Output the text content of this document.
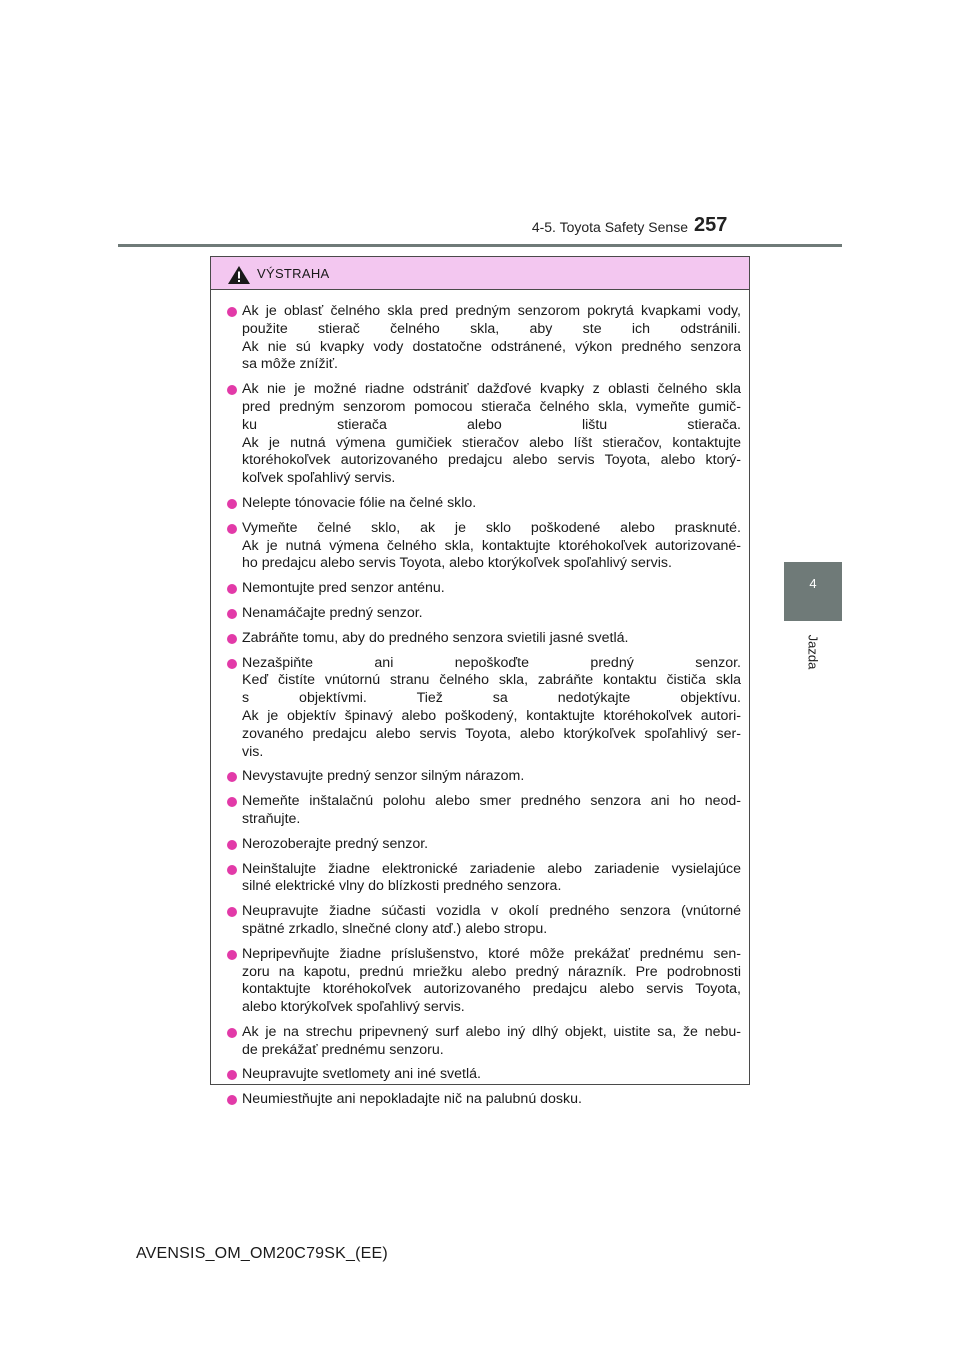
4-5. Toyota Safety Sense 257
4
Jazda
VÝSTRAHA
Ak je oblasť čelného skla pred predným senzorom pokrytá kvapkami vody,
použite stierač čelného skla, aby ste ich odstránili.
Ak nie sú kvapky vody dostatočne odstránené, výkon predného senzora
sa môže znížiť.
Ak nie je možné riadne odstrániť dažďové kvapky z oblasti čelného skla
pred predným senzorom pomocou stierača čelného skla, vymeňte gumič-
ku stierača alebo lištu stierača.
Ak je nutná výmena gumičiek stieračov alebo líšt stieračov, kontaktujte
ktoréhokoľvek autorizovaného predajcu alebo servis Toyota, alebo ktorý-
koľvek spoľahlivý servis.
Nelepte tónovacie fólie na čelné sklo.
Vymeňte čelné sklo, ak je sklo poškodené alebo prasknuté.
Ak je nutná výmena čelného skla, kontaktujte ktoréhokoľvek autorizované-
ho predajcu alebo servis Toyota, alebo ktorýkoľvek spoľahlivý servis.
Nemontujte pred senzor anténu.
Nenamáčajte predný senzor.
Zabráňte tomu, aby do predného senzora svietili jasné svetlá.
Nezašpiňte ani nepoškoďte predný senzor.
Keď čistíte vnútornú stranu čelného skla, zabráňte kontaktu čističa skla
s objektívmi. Tiež sa nedotýkajte objektívu.
Ak je objektív špinavý alebo poškodený, kontaktujte ktoréhokoľvek autori-
zovaného predajcu alebo servis Toyota, alebo ktorýkoľvek spoľahlivý ser-
vis.
Nevystavujte predný senzor silným nárazom.
Nemeňte inštalačnú polohu alebo smer predného senzora ani ho neod-
straňujte.
Nerozoberajte predný senzor.
Neinštalujte žiadne elektronické zariadenie alebo zariadenie vysielajúce
silné elektrické vlny do blízkosti predného senzora.
Neupravujte žiadne súčasti vozidla v okolí predného senzora (vnútorné
spätné zrkadlo, slnečné clony atď.) alebo stropu.
Nepripevňujte žiadne príslušenstvo, ktoré môže prekážať prednému sen-
zoru na kapotu, prednú mriežku alebo predný nárazník. Pre podrobnosti
kontaktujte ktoréhokoľvek autorizovaného predajcu alebo servis Toyota,
alebo ktorýkoľvek spoľahlivý servis.
Ak je na strechu pripevnený surf alebo iný dlhý objekt, uistite sa, že nebu-
de prekážať prednému senzoru.
Neupravujte svetlomety ani iné svetlá.
Neumiestňujte ani nepokladajte nič na palubnú dosku.
AVENSIS_OM_OM20C79SK_(EE)
